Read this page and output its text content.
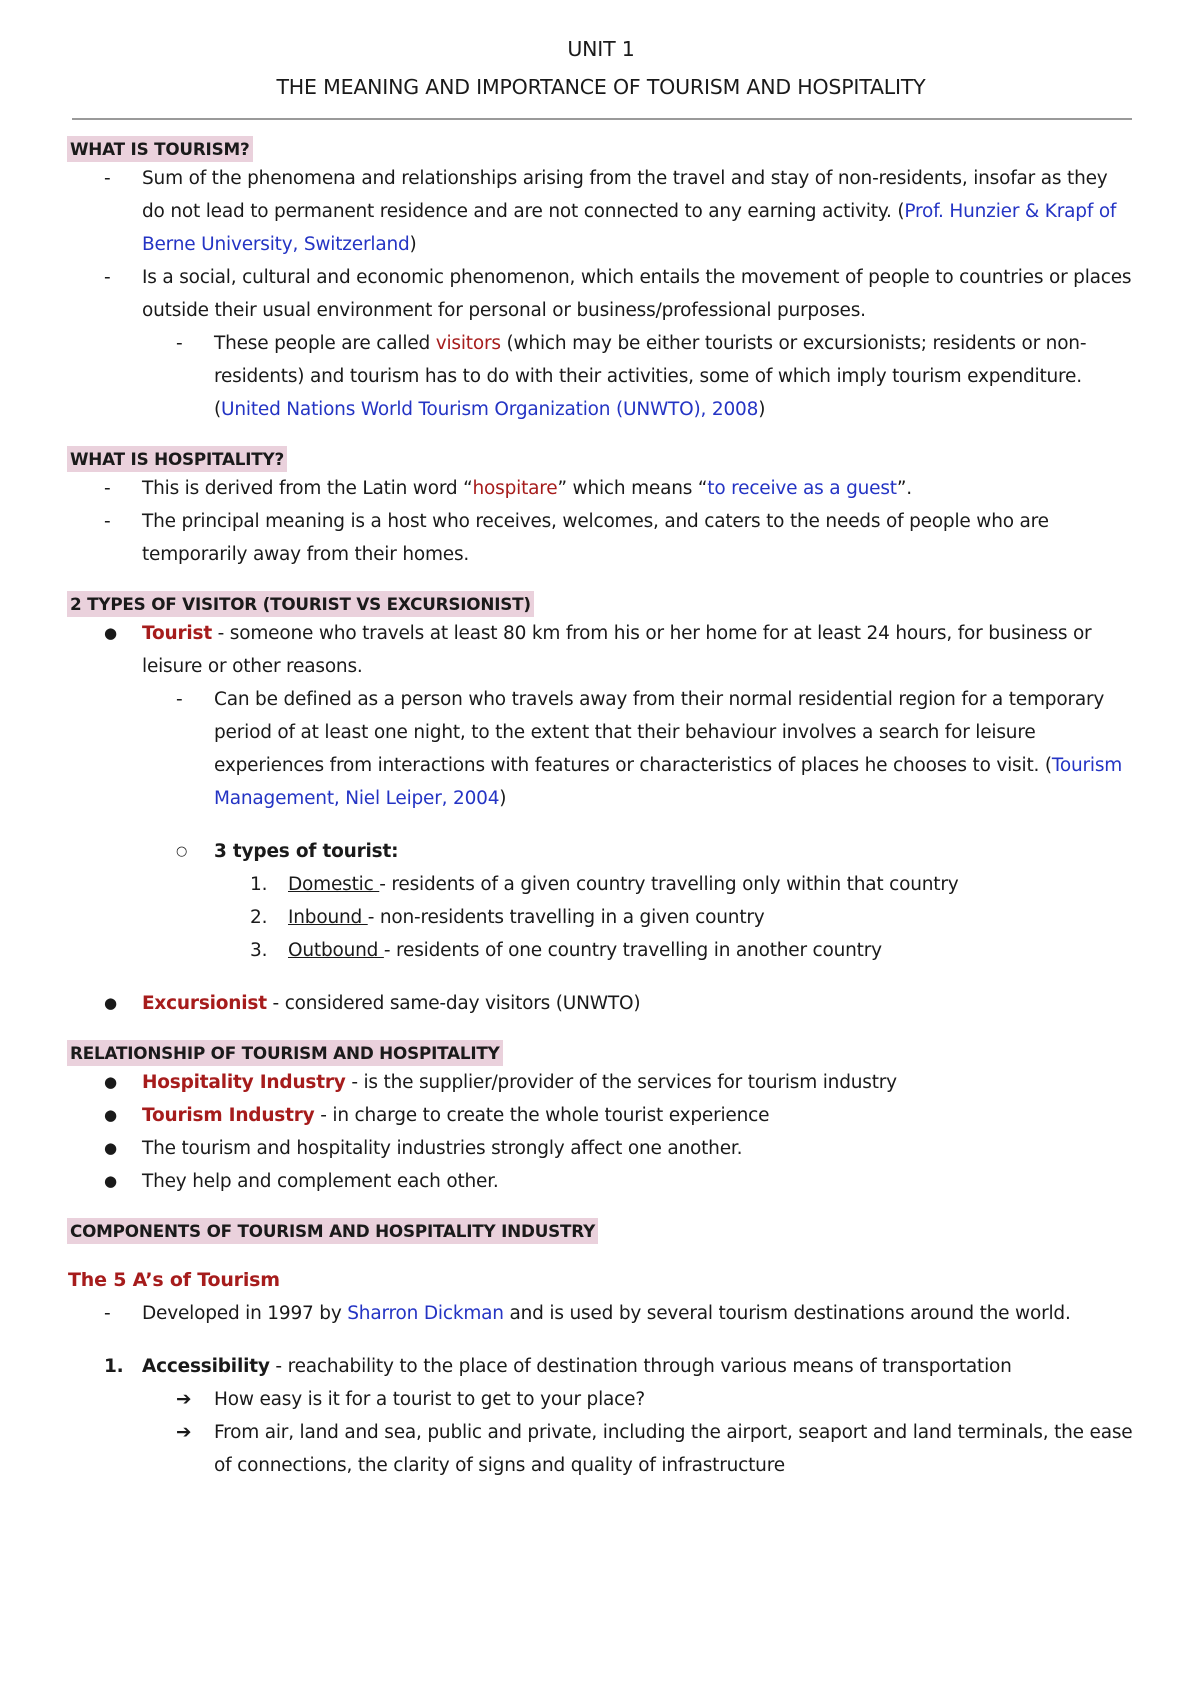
UNIT 1
THE MEANING AND IMPORTANCE OF TOURISM AND HOSPITALITY
WHAT IS TOURISM?
- Sum of the phenomena and relationships arising from the travel and stay of non-residents, insofar as they do not lead to permanent residence and are not connected to any earning activity. (Prof. Hunzier & Krapf of Berne University, Switzerland)
- Is a social, cultural and economic phenomenon, which entails the movement of people to countries or places outside their usual environment for personal or business/professional purposes.
- These people are called visitors (which may be either tourists or excursionists; residents or non-residents) and tourism has to do with their activities, some of which imply tourism expenditure. (United Nations World Tourism Organization (UNWTO), 2008)
WHAT IS HOSPITALITY?
- This is derived from the Latin word “hospitare” which means “to receive as a guest”.
- The principal meaning is a host who receives, welcomes, and caters to the needs of people who are temporarily away from their homes.
2 TYPES OF VISITOR (TOURIST VS EXCURSIONIST)
● Tourist - someone who travels at least 80 km from his or her home for at least 24 hours, for business or leisure or other reasons.
- Can be defined as a person who travels away from their normal residential region for a temporary period of at least one night, to the extent that their behaviour involves a search for leisure experiences from interactions with features or characteristics of places he chooses to visit. (Tourism Management, Niel Leiper, 2004)
○ 3 types of tourist:
1. Domestic - residents of a given country travelling only within that country
2. Inbound - non-residents travelling in a given country
3. Outbound - residents of one country travelling in another country
● Excursionist - considered same-day visitors (UNWTO)
RELATIONSHIP OF TOURISM AND HOSPITALITY
● Hospitality Industry - is the supplier/provider of the services for tourism industry
● Tourism Industry - in charge to create the whole tourist experience
● The tourism and hospitality industries strongly affect one another.
● They help and complement each other.
COMPONENTS OF TOURISM AND HOSPITALITY INDUSTRY
The 5 A’s of Tourism
- Developed in 1997 by Sharron Dickman and is used by several tourism destinations around the world.
1. Accessibility - reachability to the place of destination through various means of transportation
➔ How easy is it for a tourist to get to your place?
➔ From air, land and sea, public and private, including the airport, seaport and land terminals, the ease of connections, the clarity of signs and quality of infrastructure
